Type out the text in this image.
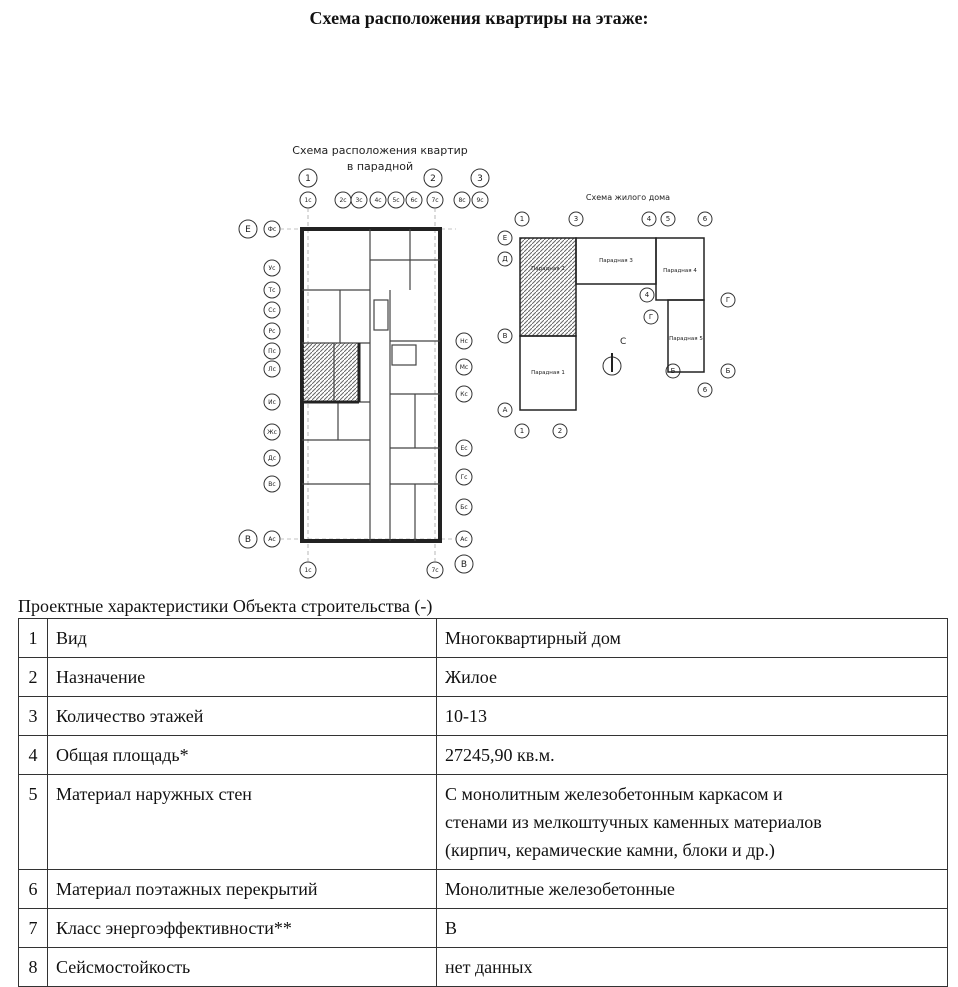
Схема расположения квартиры на этаже:
Схема расположения квартир
в парадной
1	2	3
1с	2с 3с 4с 5с 6с 7с	8с 9с
Фс
Ус
Тс
Сс
Рс
Пс
Лс
Ис
Жс
Дс
Вс
Ас
Е
В
В
Нс
Мс
Кс
Ес
Гс
Бс
Ас
1с	7с
Схема жилого дома
1	3	4 5	6
Е
Д
Г
В
Б
А
1	2
4
Г
Б
6
Парадная 2
Парадная 1
Парадная 3
Парадная 4
Парадная 5
С

Проектные характеристики Объекта строительства (-)

1	Вид	Многоквартирный дом
2	Назначение	Жилое
3	Количество этажей	10-13
4	Общая площадь*	27245,90 кв.м.
5	Материал наружных стен	С монолитным железобетонным каркасом и
стенами из мелкоштучных каменных материалов
(кирпич, керамические камни, блоки и др.)

6	Материал поэтажных перекрытий	Монолитные железобетонные
7	Класс энергоэффективности**	В
8	Сейсмостойкость	нет данных
